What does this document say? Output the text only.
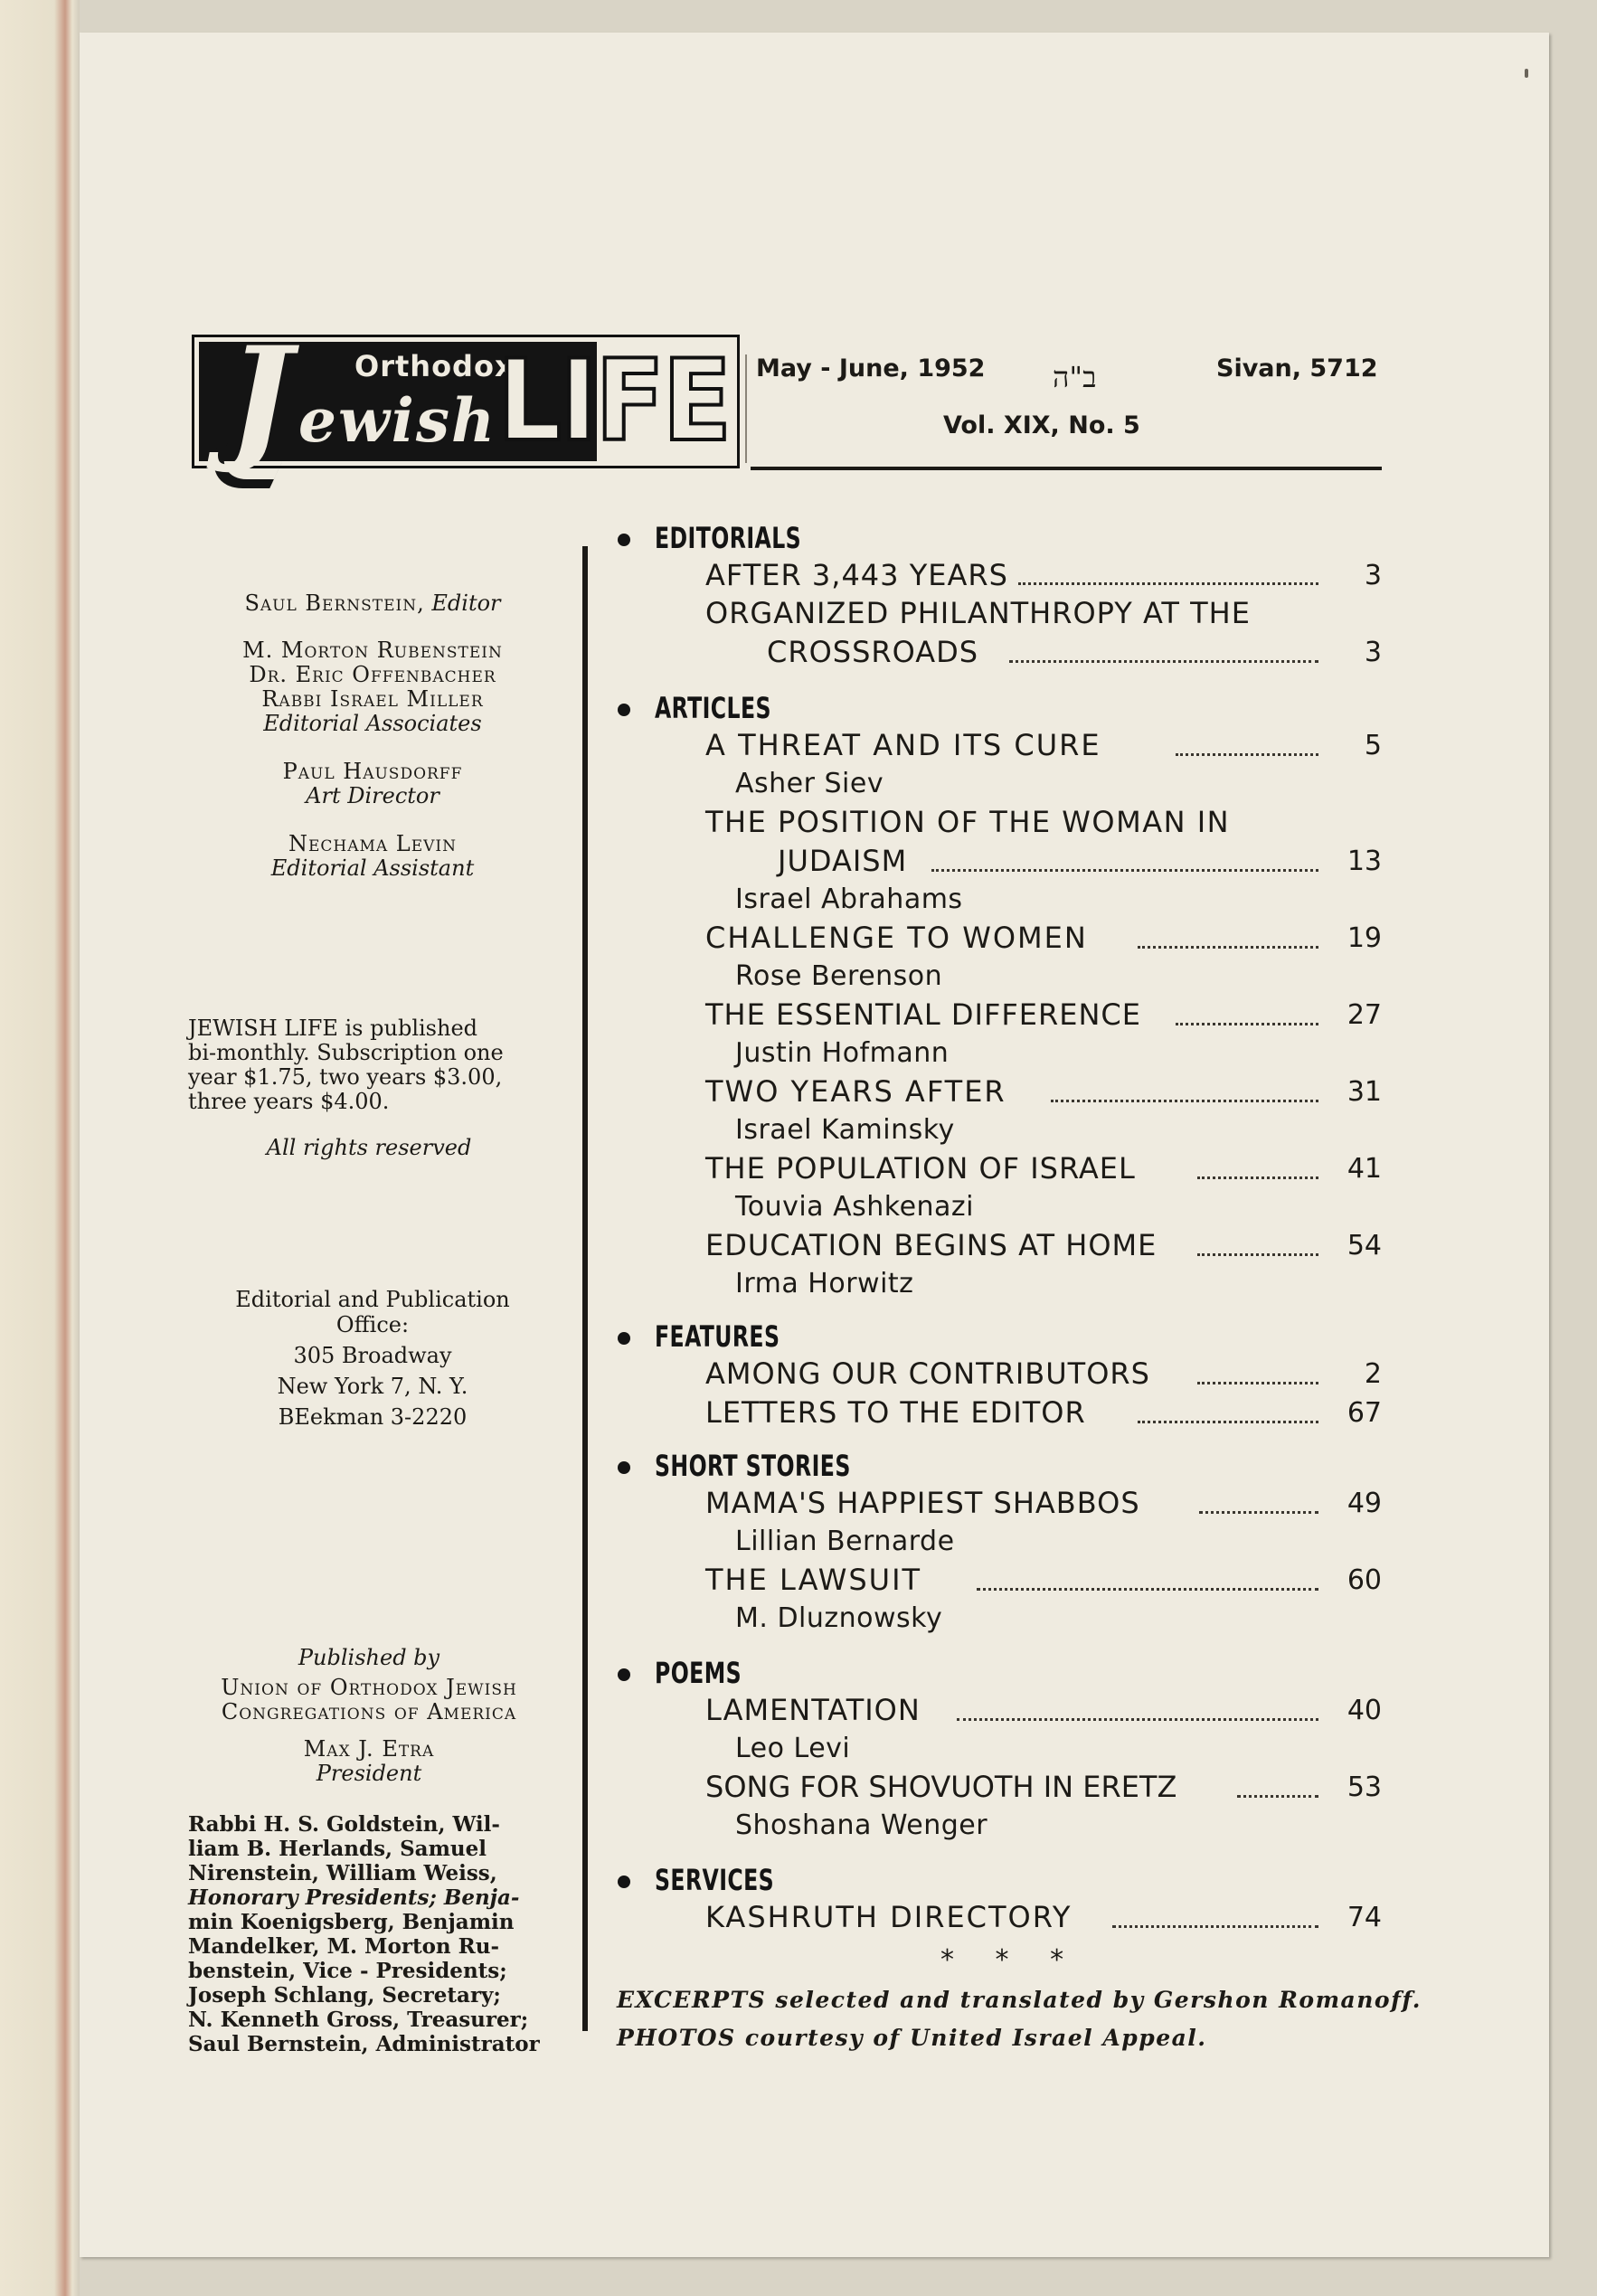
J Orthodox
ewish LIFE May - June, 1952 ב"ה	Sivan, 5712
Vol. XIX, No. 5
Saul Bernstein, Editor
M. Morton Rubenstein
Dr. Eric Offenbacher
Rabbi Israel Miller
Editorial Associates
Paul Hausdorff
Art Director
Nechama Levin
Editorial Assistant
JEWISH LIFE is published
bi-monthly. Subscription one
year $1.75, two years $3.00,
three years $4.00.
All rights reserved
Editorial and Publication
Office:
305 Broadway
New York 7, N. Y.
BEekman 3-2220
Published by
Union of Orthodox Jewish
Congregations of America
Max J. Etra
President
Rabbi H. S. Goldstein, Wil-
liam B. Herlands, Samuel
Nirenstein, William Weiss,
Honorary Presidents; Benja-
min Koenigsberg, Benjamin
Mandelker, M. Morton Ru-
benstein, Vice - Presidents;
Joseph Schlang, Secretary;
N. Kenneth Gross, Treasurer;
Saul Bernstein, Administrator
EDITORIALS
AFTER 3,443 YEARS	3
ORGANIZED PHILANTHROPY AT THE
CROSSROADS	3
ARTICLES
A THREAT AND ITS CURE	5
Asher Siev
THE POSITION OF THE WOMAN IN
JUDAISM	13
Israel Abrahams
CHALLENGE TO WOMEN	19
Rose Berenson
THE ESSENTIAL DIFFERENCE	27
Justin Hofmann
TWO YEARS AFTER	31
Israel Kaminsky
THE POPULATION OF ISRAEL	41
Touvia Ashkenazi
EDUCATION BEGINS AT HOME	54
Irma Horwitz
FEATURES
AMONG OUR CONTRIBUTORS	2
LETTERS TO THE EDITOR	67
SHORT STORIES
MAMA'S HAPPIEST SHABBOS	49
Lillian Bernarde
THE LAWSUIT	60
M. Dluznowsky
POEMS
LAMENTATION	40
Leo Levi
SONG FOR SHOVUOTH IN ERETZ	53
Shoshana Wenger
SERVICES
KASHRUTH DIRECTORY	74
* * *
EXCERPTS selected and translated by Gershon Romanoff.
PHOTOS courtesy of United Israel Appeal.
